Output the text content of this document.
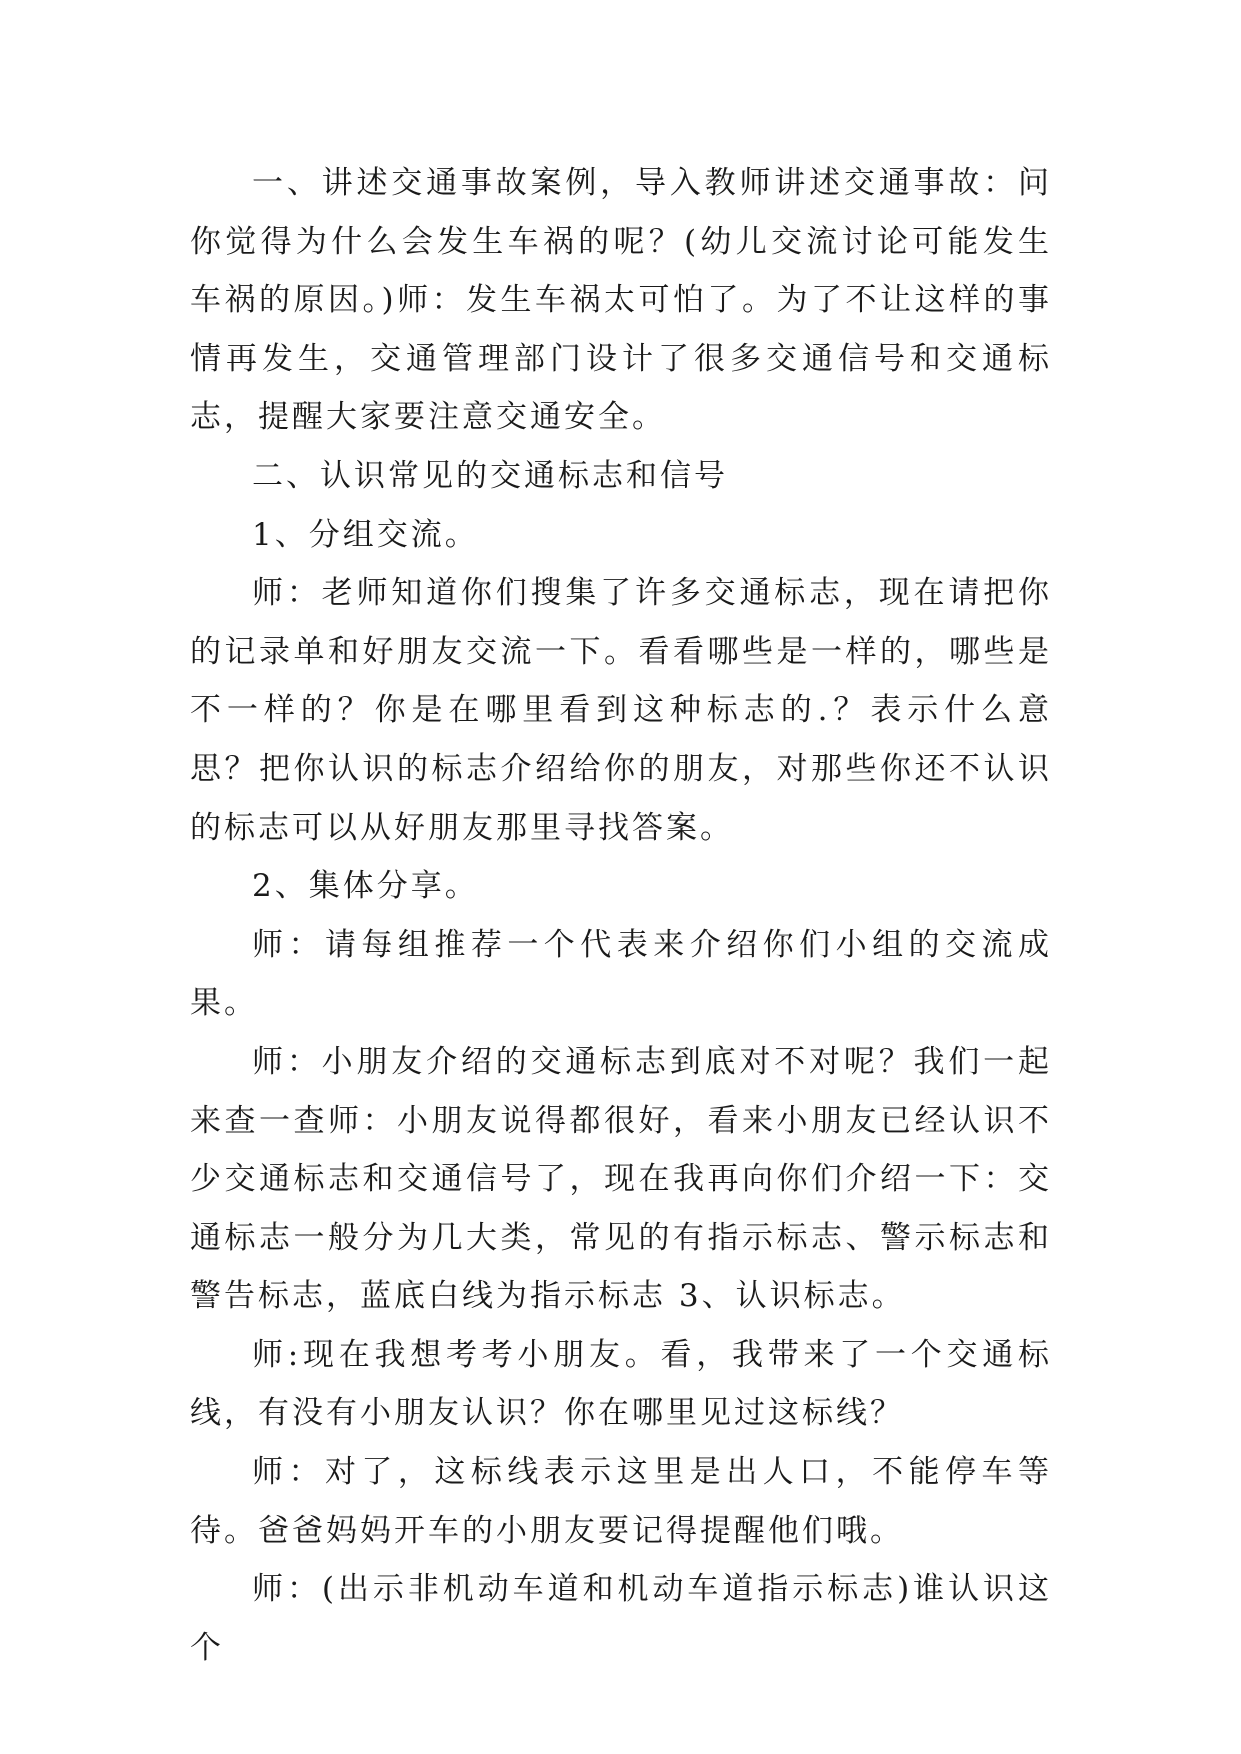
一、讲述交通事故案例，导入教师讲述交通事故：问你觉得为什么会发生车祸的呢？(幼儿交流讨论可能发生车祸的原因。)师：发生车祸太可怕了。为了不让这样的事情再发生，交通管理部门设计了很多交通信号和交通标志，提醒大家要注意交通安全。

二、认识常见的交通标志和信号

1、分组交流。

师：老师知道你们搜集了许多交通标志，现在请把你的记录单和好朋友交流一下。看看哪些是一样的，哪些是不一样的？你是在哪里看到这种标志的.？表示什么意思？把你认识的标志介绍给你的朋友，对那些你还不认识的标志可以从好朋友那里寻找答案。

2、集体分享。

师：请每组推荐一个代表来介绍你们小组的交流成果。

师：小朋友介绍的交通标志到底对不对呢？我们一起来查一查师：小朋友说得都很好，看来小朋友已经认识不少交通标志和交通信号了，现在我再向你们介绍一下：交通标志一般分为几大类，常见的有指示标志、警示标志和警告标志，蓝底白线为指示标志 3、认识标志。

师:现在我想考考小朋友。看，我带来了一个交通标线，有没有小朋友认识？你在哪里见过这标线？

师：对了，这标线表示这里是出人口，不能停车等待。爸爸妈妈开车的小朋友要记得提醒他们哦。

师：(出示非机动车道和机动车道指示标志)谁认识这个
